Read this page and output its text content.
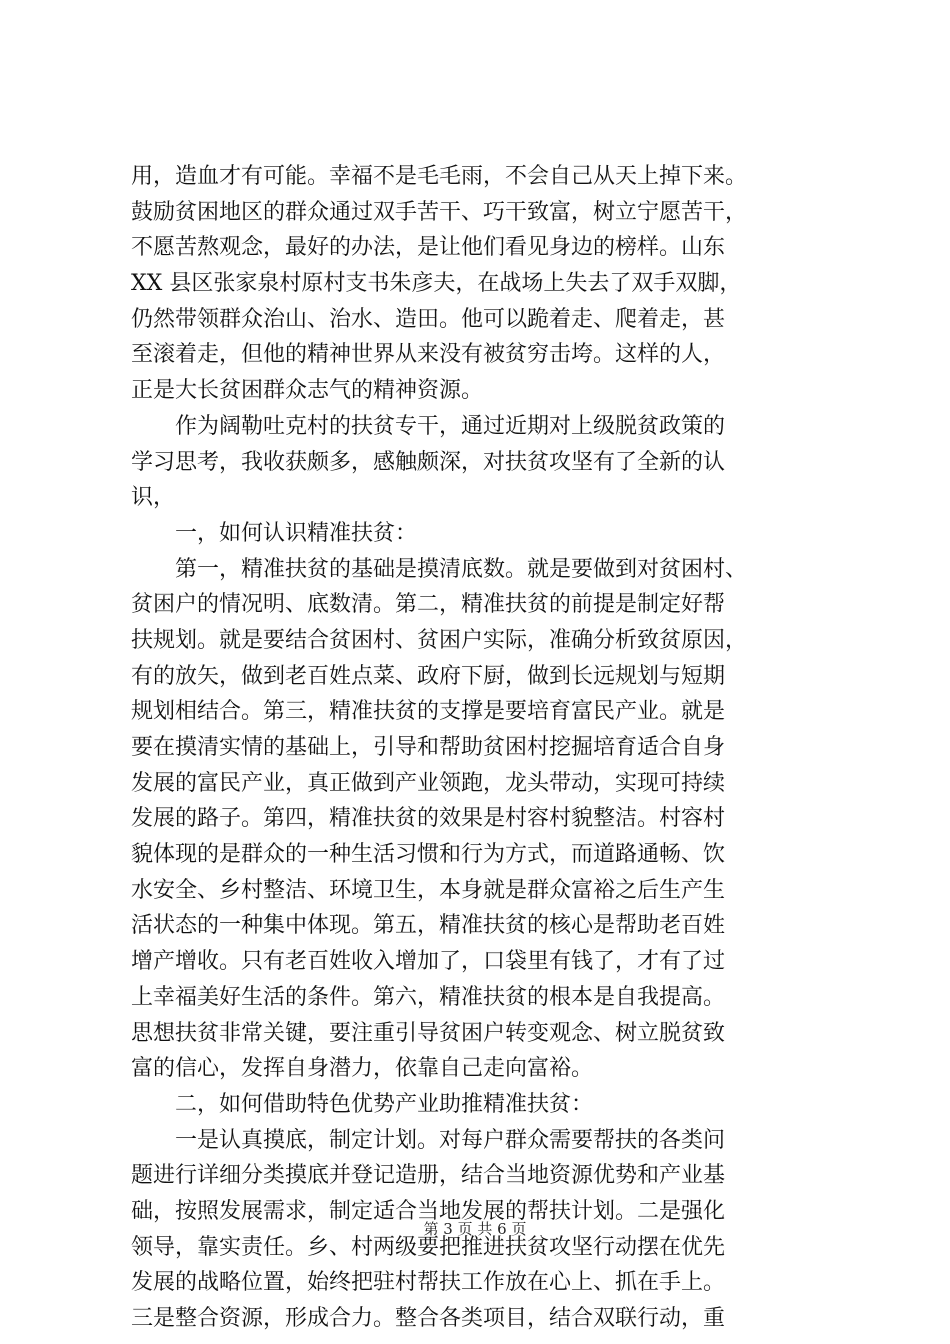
用，造血才有可能。幸福不是毛毛雨，不会自己从天上掉下来。
鼓励贫困地区的群众通过双手苦干、巧干致富，树立宁愿苦干，
不愿苦熬观念，最好的办法，是让他们看见身边的榜样。山东
XX 县区张家泉村原村支书朱彦夫，在战场上失去了双手双脚，
仍然带领群众治山、治水、造田。他可以跪着走、爬着走，甚
至滚着走，但他的精神世界从来没有被贫穷击垮。这样的人，
正是大长贫困群众志气的精神资源。
　　作为阔勒吐克村的扶贫专干，通过近期对上级脱贫政策的
学习思考，我收获颇多，感触颇深，对扶贫攻坚有了全新的认
识，
　　一，如何认识精准扶贫：
　　第一，精准扶贫的基础是摸清底数。就是要做到对贫困村、
贫困户的情况明、底数清。第二，精准扶贫的前提是制定好帮
扶规划。就是要结合贫困村、贫困户实际，准确分析致贫原因，
有的放矢，做到老百姓点菜、政府下厨，做到长远规划与短期
规划相结合。第三，精准扶贫的支撑是要培育富民产业。就是
要在摸清实情的基础上，引导和帮助贫困村挖掘培育适合自身
发展的富民产业，真正做到产业领跑，龙头带动，实现可持续
发展的路子。第四，精准扶贫的效果是村容村貌整洁。村容村
貌体现的是群众的一种生活习惯和行为方式，而道路通畅、饮
水安全、乡村整洁、环境卫生，本身就是群众富裕之后生产生
活状态的一种集中体现。第五，精准扶贫的核心是帮助老百姓
增产增收。只有老百姓收入增加了，口袋里有钱了，才有了过
上幸福美好生活的条件。第六，精准扶贫的根本是自我提高。
思想扶贫非常关键，要注重引导贫困户转变观念、树立脱贫致
富的信心，发挥自身潜力，依靠自己走向富裕。
　　二，如何借助特色优势产业助推精准扶贫：
　　一是认真摸底，制定计划。对每户群众需要帮扶的各类问
题进行详细分类摸底并登记造册，结合当地资源优势和产业基
础，按照发展需求，制定适合当地发展的帮扶计划。二是强化
领导，靠实责任。乡、村两级要把推进扶贫攻坚行动摆在优先
发展的战略位置，始终把驻村帮扶工作放在心上、抓在手上。
三是整合资源，形成合力。整合各类项目，结合双联行动，重
第 3 页 共 6 页
